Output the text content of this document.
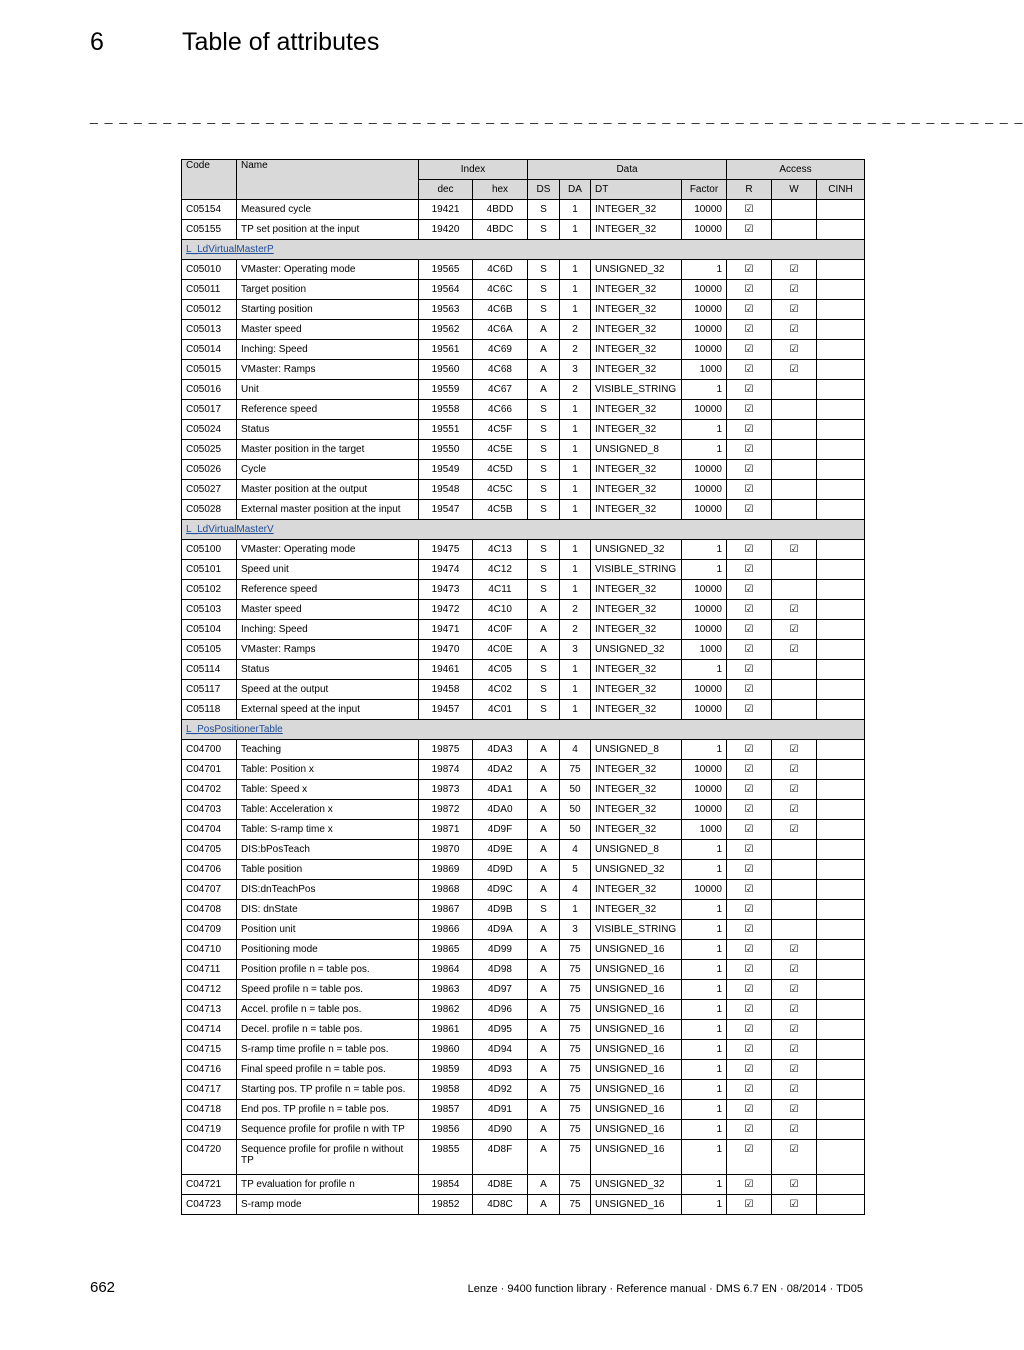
6	Table of attributes
_ _ _ _ _ _ _ _ _ _ _ _ _ _ _ _ _ _ _ _ _ _ _ _ _ _ _ _ _ _ _ _ _ _ _ _ _ _ _ _ _ _ _ _ _ _ _ _ _ _ _ _ _ _ _ _ _ _ _ _ _ _ _ _
Code	Name	Index		Data				Access		
		dec	hex	DS	DA	DT	Factor	R	W	CINH
C05154	Measured cycle	19421	4BDD	S	1	INTEGER_32	10000	☑		
C05155	TP set position at the input	19420	4BDC	S	1	INTEGER_32	10000	☑		
L_LdVirtualMasterP										
C05010	VMaster: Operating mode	19565	4C6D	S	1	UNSIGNED_32	1	☑	☑	
C05011	Target position	19564	4C6C	S	1	INTEGER_32	10000	☑	☑	
C05012	Starting position	19563	4C6B	S	1	INTEGER_32	10000	☑	☑	
C05013	Master speed	19562	4C6A	A	2	INTEGER_32	10000	☑	☑	
C05014	Inching: Speed	19561	4C69	A	2	INTEGER_32	10000	☑	☑	
C05015	VMaster: Ramps	19560	4C68	A	3	INTEGER_32	1000	☑	☑	
C05016	Unit	19559	4C67	A	2	VISIBLE_STRING	1	☑		
C05017	Reference speed	19558	4C66	S	1	INTEGER_32	10000	☑		
C05024	Status	19551	4C5F	S	1	INTEGER_32	1	☑		
C05025	Master position in the target	19550	4C5E	S	1	UNSIGNED_8	1	☑		
C05026	Cycle	19549	4C5D	S	1	INTEGER_32	10000	☑		
C05027	Master position at the output	19548	4C5C	S	1	INTEGER_32	10000	☑		
C05028	External master position at the input	19547	4C5B	S	1	INTEGER_32	10000	☑		
L_LdVirtualMasterV										
C05100	VMaster: Operating mode	19475	4C13	S	1	UNSIGNED_32	1	☑	☑	
C05101	Speed unit	19474	4C12	S	1	VISIBLE_STRING	1	☑		
C05102	Reference speed	19473	4C11	S	1	INTEGER_32	10000	☑		
C05103	Master speed	19472	4C10	A	2	INTEGER_32	10000	☑	☑	
C05104	Inching: Speed	19471	4C0F	A	2	INTEGER_32	10000	☑	☑	
C05105	VMaster: Ramps	19470	4C0E	A	3	UNSIGNED_32	1000	☑	☑	
C05114	Status	19461	4C05	S	1	INTEGER_32	1	☑		
C05117	Speed at the output	19458	4C02	S	1	INTEGER_32	10000	☑		
C05118	External speed at the input	19457	4C01	S	1	INTEGER_32	10000	☑		
L_PosPositionerTable										
C04700	Teaching	19875	4DA3	A	4	UNSIGNED_8	1	☑	☑	
C04701	Table: Position x	19874	4DA2	A	75	INTEGER_32	10000	☑	☑	
C04702	Table: Speed x	19873	4DA1	A	50	INTEGER_32	10000	☑	☑	
C04703	Table: Acceleration x	19872	4DA0	A	50	INTEGER_32	10000	☑	☑	
C04704	Table: S-ramp time x	19871	4D9F	A	50	INTEGER_32	1000	☑	☑	
C04705	DIS:bPosTeach	19870	4D9E	A	4	UNSIGNED_8	1	☑		
C04706	Table position	19869	4D9D	A	5	UNSIGNED_32	1	☑		
C04707	DIS:dnTeachPos	19868	4D9C	A	4	INTEGER_32	10000	☑		
C04708	DIS: dnState	19867	4D9B	S	1	INTEGER_32	1	☑		
C04709	Position unit	19866	4D9A	A	3	VISIBLE_STRING	1	☑		
C04710	Positioning mode	19865	4D99	A	75	UNSIGNED_16	1	☑	☑	
C04711	Position profile n = table pos.	19864	4D98	A	75	UNSIGNED_16	1	☑	☑	
C04712	Speed profile n = table pos.	19863	4D97	A	75	UNSIGNED_16	1	☑	☑	
C04713	Accel. profile n = table pos.	19862	4D96	A	75	UNSIGNED_16	1	☑	☑	
C04714	Decel. profile n = table pos.	19861	4D95	A	75	UNSIGNED_16	1	☑	☑	
C04715	S-ramp time profile n = table pos.	19860	4D94	A	75	UNSIGNED_16	1	☑	☑	
C04716	Final speed profile n = table pos.	19859	4D93	A	75	UNSIGNED_16	1	☑	☑	
C04717	Starting pos. TP profile n = table pos.	19858	4D92	A	75	UNSIGNED_16	1	☑	☑	
C04718	End pos. TP profile n = table pos.	19857	4D91	A	75	UNSIGNED_16	1	☑	☑	
C04719	Sequence profile for profile n with TP	19856	4D90	A	75	UNSIGNED_16	1	☑	☑	
C04720	Sequence profile for profile n without TP	19855	4D8F	A	75	UNSIGNED_16	1	☑	☑	
C04721	TP evaluation for profile n	19854	4D8E	A	75	UNSIGNED_32	1	☑	☑	
C04723	S-ramp mode	19852	4D8C	A	75	UNSIGNED_16	1	☑	☑	
662	Lenze · 9400 function library · Reference manual · DMS 6.7 EN · 08/2014 · TD05
